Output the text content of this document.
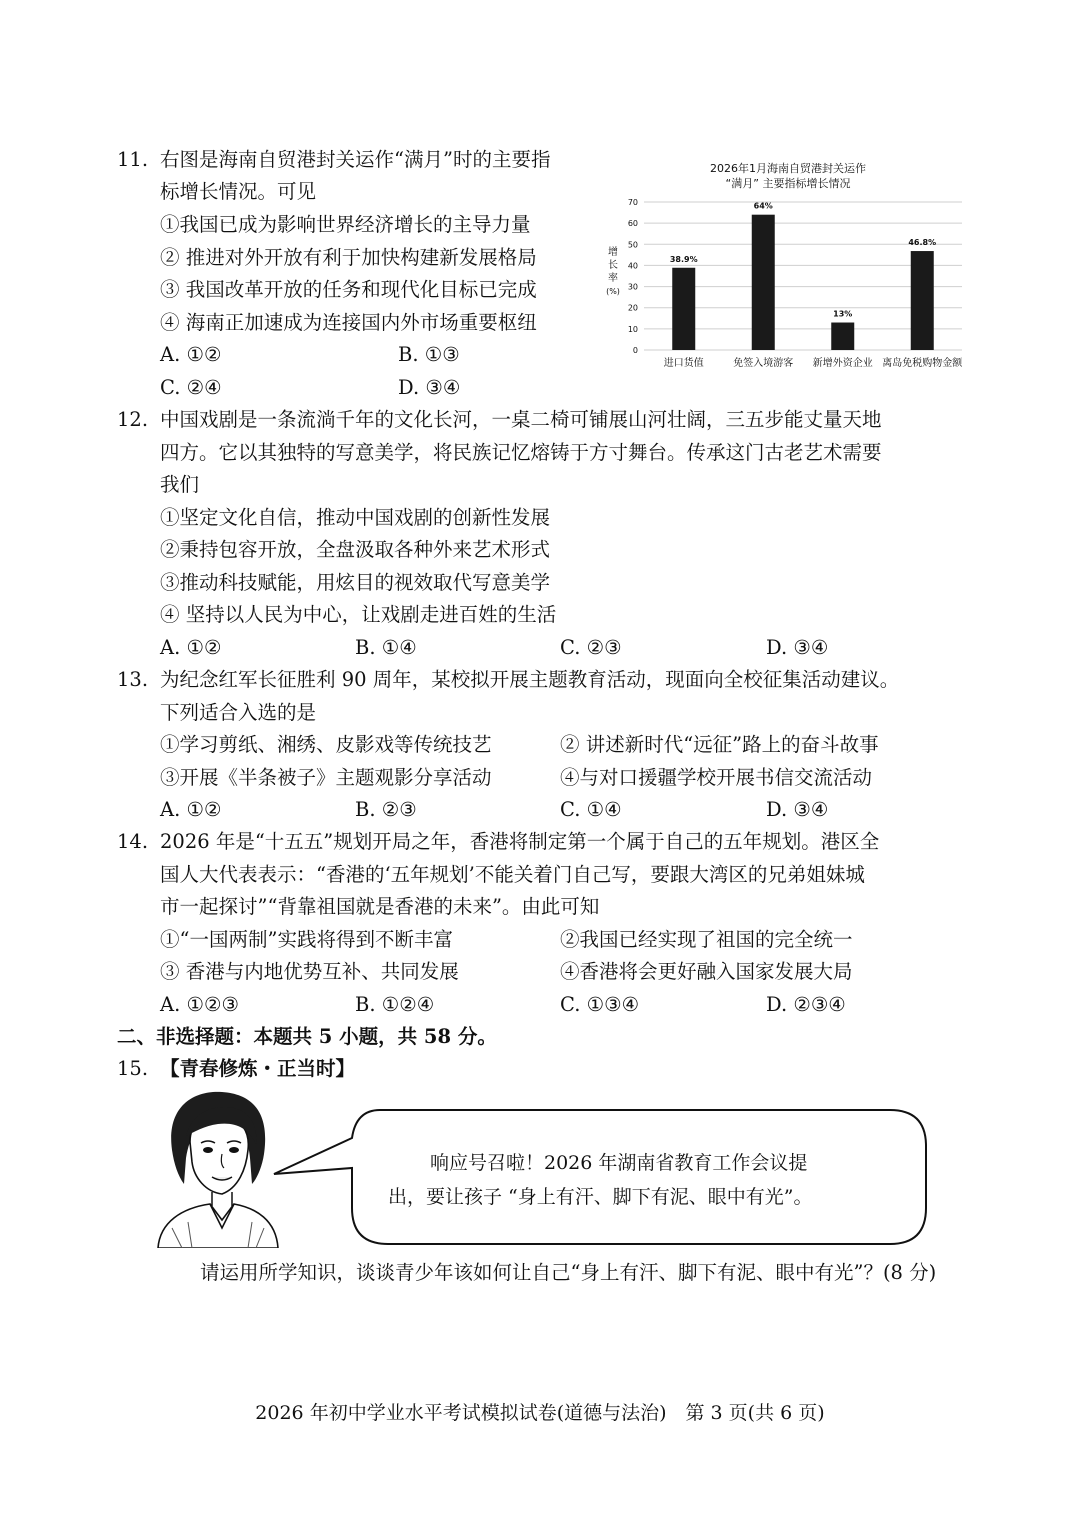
11. 右图是海南自贸港封关运作“满月”时的主要指
标增长情况。可见
①我国已成为影响世界经济增长的主导力量
② 推进对外开放有利于加快构建新发展格局
③ 我国改革开放的任务和现代化目标已完成
④ 海南正加速成为连接国内外市场重要枢纽
A. ①②	B. ①③
C. ②④	D. ③④
2026年1月海南自贸港封关运作
“满月” 主要指标增长情况
增
长
率
(%)
0
10
20
30
40
50
60
70
38.9%
进口货值
64%
免签入境游客
13%
新增外资企业
46.8%
离岛免税购物金额
12. 中国戏剧是一条流淌千年的文化长河，一桌二椅可铺展山河壮阔，三五步能丈量天地
四方。它以其独特的写意美学，将民族记忆熔铸于方寸舞台。传承这门古老艺术需要
我们
①坚定文化自信，推动中国戏剧的创新性发展
②秉持包容开放，全盘汲取各种外来艺术形式
③推动科技赋能，用炫目的视效取代写意美学
④ 坚持以人民为中心，让戏剧走进百姓的生活
A. ①②	B. ①④	C. ②③	D. ③④
13. 为纪念红军长征胜利 90 周年，某校拟开展主题教育活动，现面向全校征集活动建议。
下列适合入选的是
①学习剪纸、湘绣、皮影戏等传统技艺	② 讲述新时代“远征”路上的奋斗故事
③开展《半条被子》主题观影分享活动	④与对口援疆学校开展书信交流活动
A. ①②	B. ②③	C. ①④	D. ③④
14. 2026 年是“十五五”规划开局之年，香港将制定第一个属于自己的五年规划。港区全
国人大代表表示：“香港的‘五年规划’不能关着门自己写，要跟大湾区的兄弟姐妹城
市一起探讨”“背靠祖国就是香港的未来”。由此可知
①“一国两制”实践将得到不断丰富	②我国已经实现了祖国的完全统一
③ 香港与内地优势互补、共同发展	④香港将会更好融入国家发展大局
A. ①②③	B. ①②④	C. ①③④	D. ②③④
二、非选择题：本题共 5 小题，共 58 分。
15. 【青春修炼・正当时】
响应号召啦！2026 年湖南省教育工作会议提
出，要让孩子 “身上有汗、脚下有泥、眼中有光”。
请运用所学知识，谈谈青少年该如何让自己“身上有汗、脚下有泥、眼中有光”？(8 分)
2026 年初中学业水平考试模拟试卷(道德与法治)　第 3 页(共 6 页)
